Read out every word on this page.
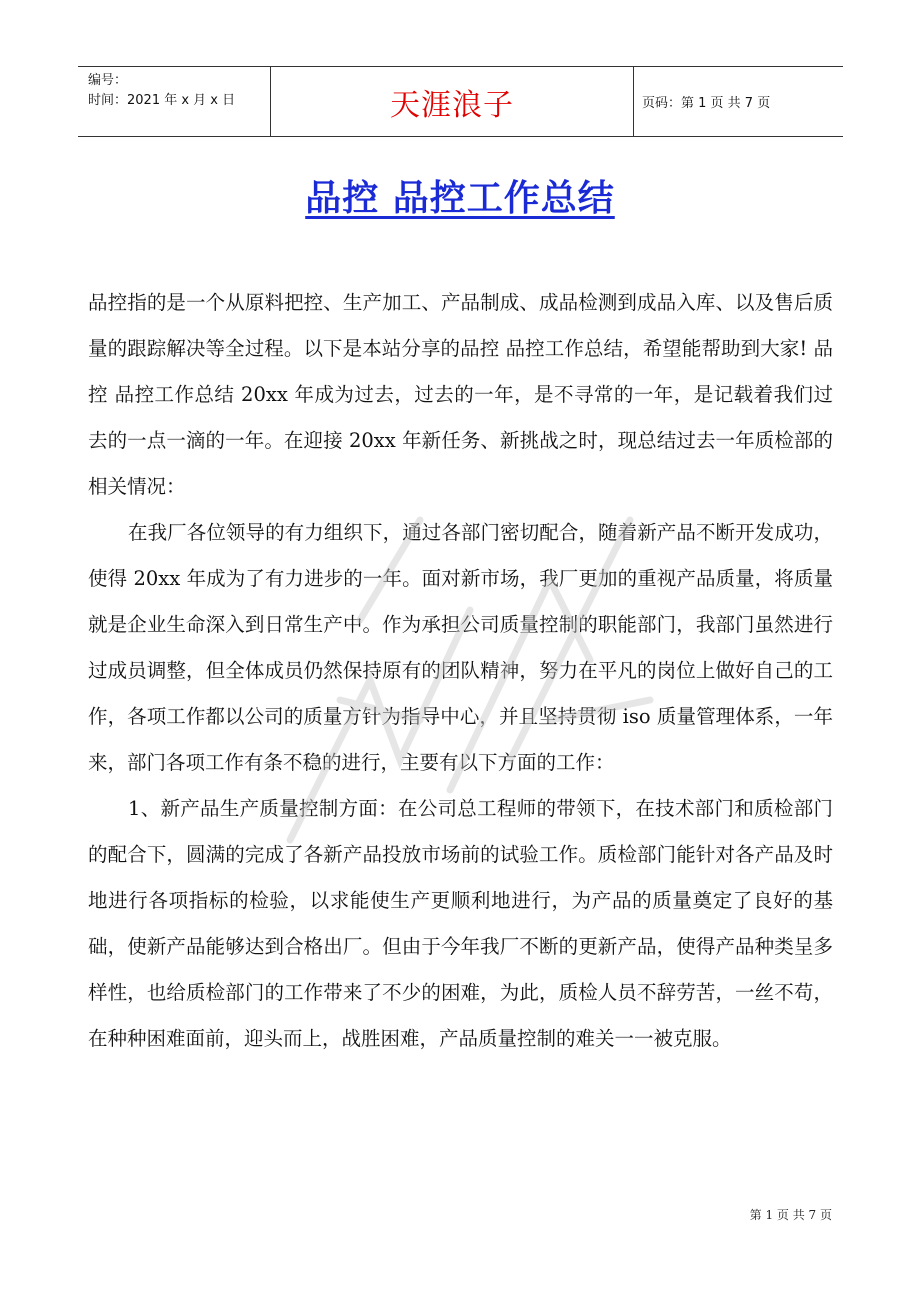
编号：
时间：2021 年 x 月 x 日	天涯浪子	页码：第 1 页 共 7 页
品控 品控工作总结

品控指的是一个从原料把控、生产加工、产品制成、成品检测到成品入库、以及售后质量的跟踪解决等全过程。以下是本站分享的品控 品控工作总结，希望能帮助到大家! 品控 品控工作总结 20xx 年成为过去，过去的一年，是不寻常的一年，是记载着我们过去的一点一滴的一年。在迎接 20xx 年新任务、新挑战之时，现总结过去一年质检部的相关情况：

在我厂各位领导的有力组织下，通过各部门密切配合，随着新产品不断开发成功，使得 20xx 年成为了有力进步的一年。面对新市场，我厂更加的重视产品质量，将质量就是企业生命深入到日常生产中。作为承担公司质量控制的职能部门，我部门虽然进行过成员调整，但全体成员仍然保持原有的团队精神，努力在平凡的岗位上做好自己的工作，各项工作都以公司的质量方针为指导中心，并且坚持贯彻 iso 质量管理体系，一年来，部门各项工作有条不稳的进行，主要有以下方面的工作：

1、新产品生产质量控制方面：在公司总工程师的带领下，在技术部门和质检部门的配合下，圆满的完成了各新产品投放市场前的试验工作。质检部门能针对各产品及时地进行各项指标的检验，以求能使生产更顺利地进行，为产品的质量奠定了良好的基础，使新产品能够达到合格出厂。但由于今年我厂不断的更新产品，使得产品种类呈多样性，也给质检部门的工作带来了不少的困难，为此，质检人员不辞劳苦，一丝不苟，在种种困难面前，迎头而上，战胜困难，产品质量控制的难关一一被克服。

第 1 页 共 7 页
